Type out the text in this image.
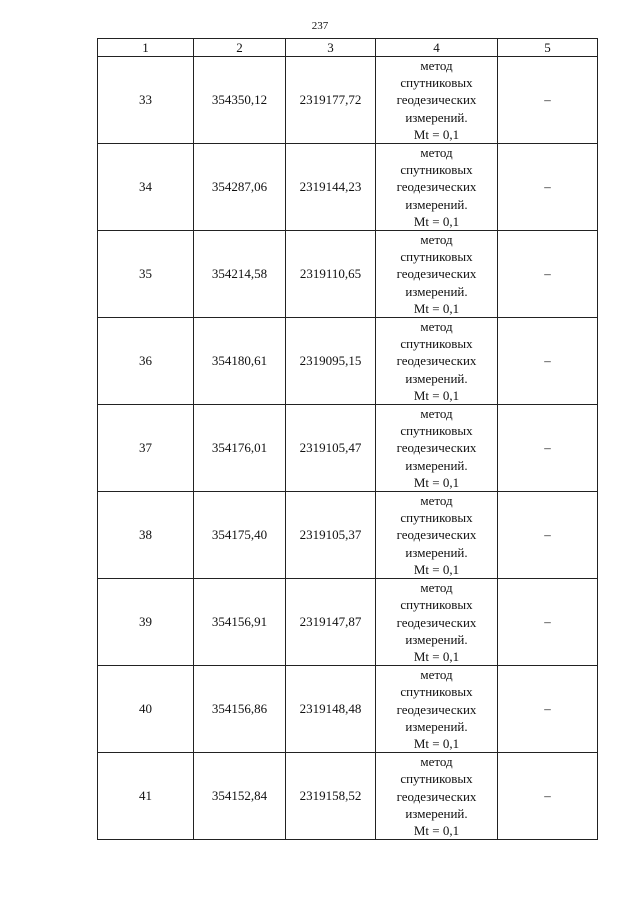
237
1	2	3	4	5
33	354350,12	2319177,72	метод
спутниковых
геодезических
измерений.
Mt = 0,1	–
34	354287,06	2319144,23	метод
спутниковых
геодезических
измерений.
Mt = 0,1	–
35	354214,58	2319110,65	метод
спутниковых
геодезических
измерений.
Mt = 0,1	–
36	354180,61	2319095,15	метод
спутниковых
геодезических
измерений.
Mt = 0,1	–
37	354176,01	2319105,47	метод
спутниковых
геодезических
измерений.
Mt = 0,1	–
38	354175,40	2319105,37	метод
спутниковых
геодезических
измерений.
Mt = 0,1	–
39	354156,91	2319147,87	метод
спутниковых
геодезических
измерений.
Mt = 0,1	–
40	354156,86	2319148,48	метод
спутниковых
геодезических
измерений.
Mt = 0,1	–
41	354152,84	2319158,52	метод
спутниковых
геодезических
измерений.
Mt = 0,1	–
